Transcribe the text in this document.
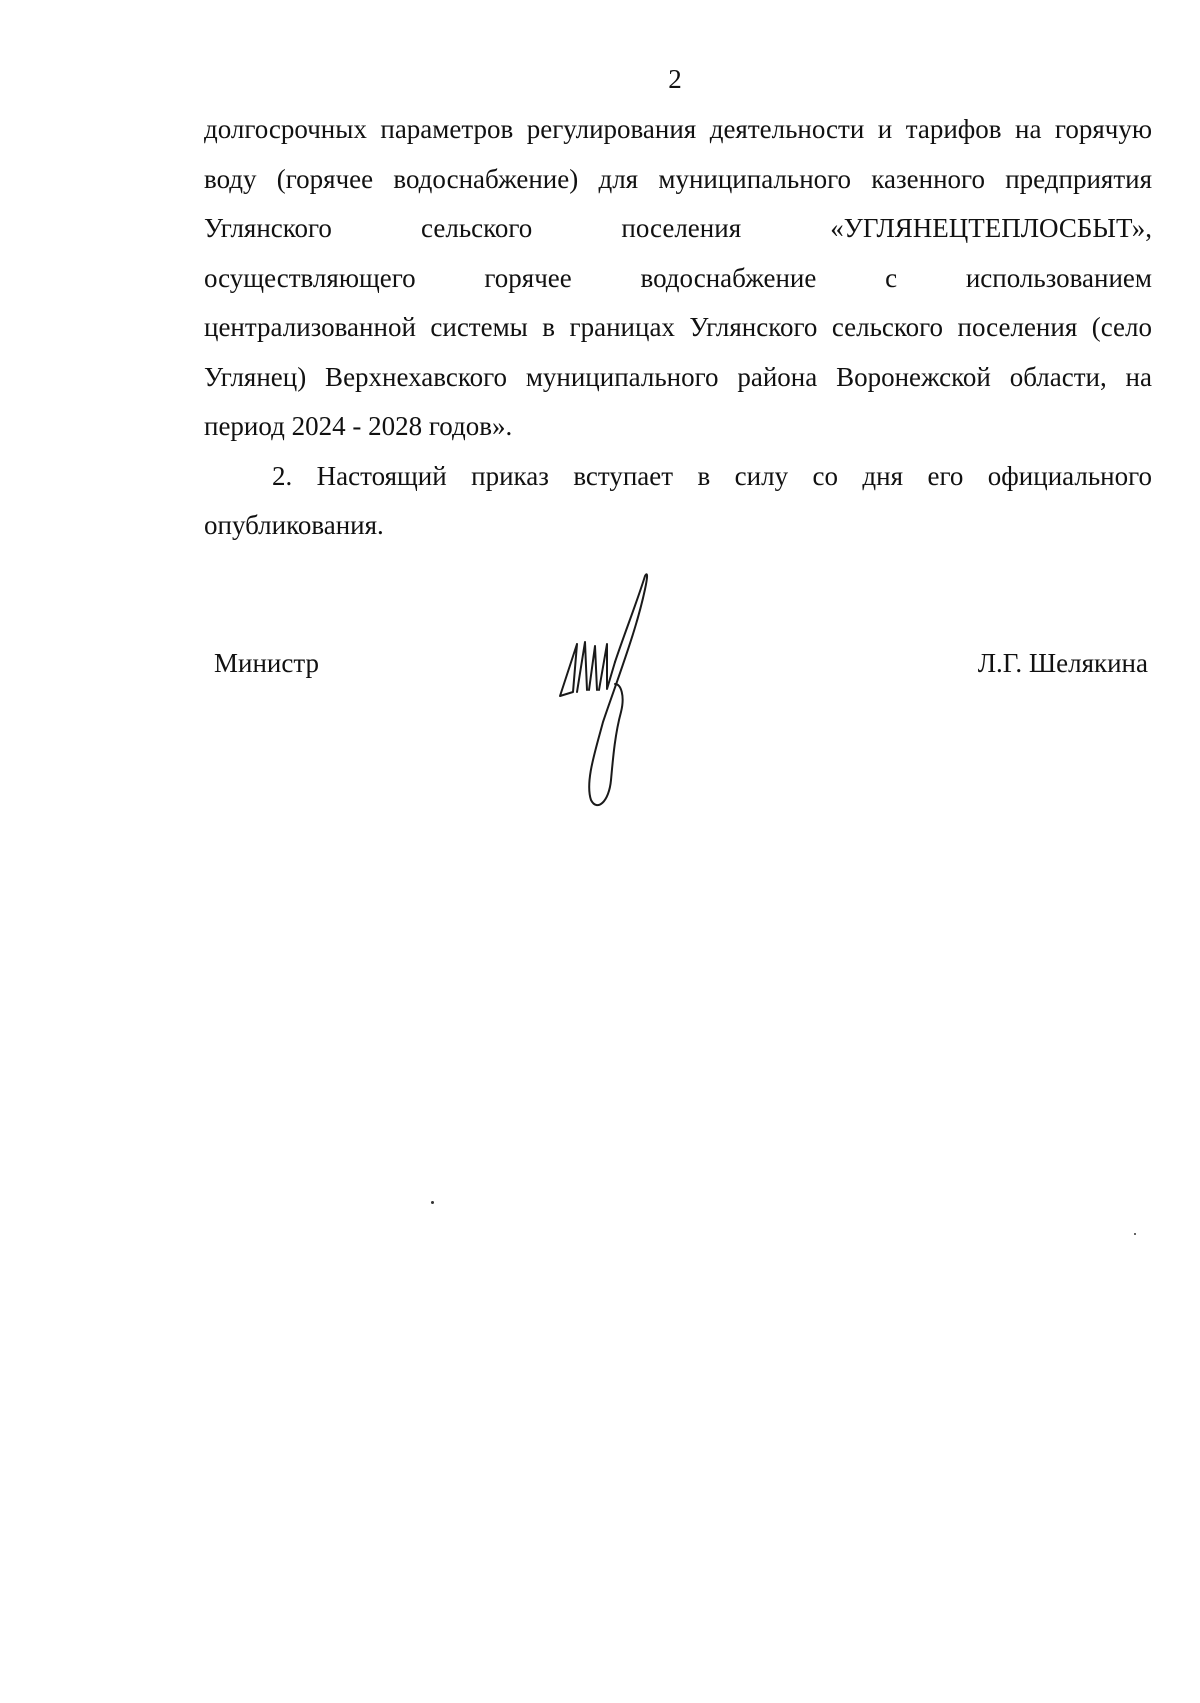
2

долгосрочных параметров регулирования деятельности и тарифов на горячую
воду (горячее водоснабжение) для муниципального казенного предприятия
Углянского сельского поселения «УГЛЯНЕЦТЕПЛОСБЫТ»,
осуществляющего горячее водоснабжение с использованием
централизованной системы в границах Углянского сельского поселения (село
Углянец) Верхнехавского муниципального района Воронежской области, на
период 2024 - 2028 годов».

2. Настоящий приказ вступает в силу со дня его официального
опубликования.

Министр	Л.Г. Шелякина
